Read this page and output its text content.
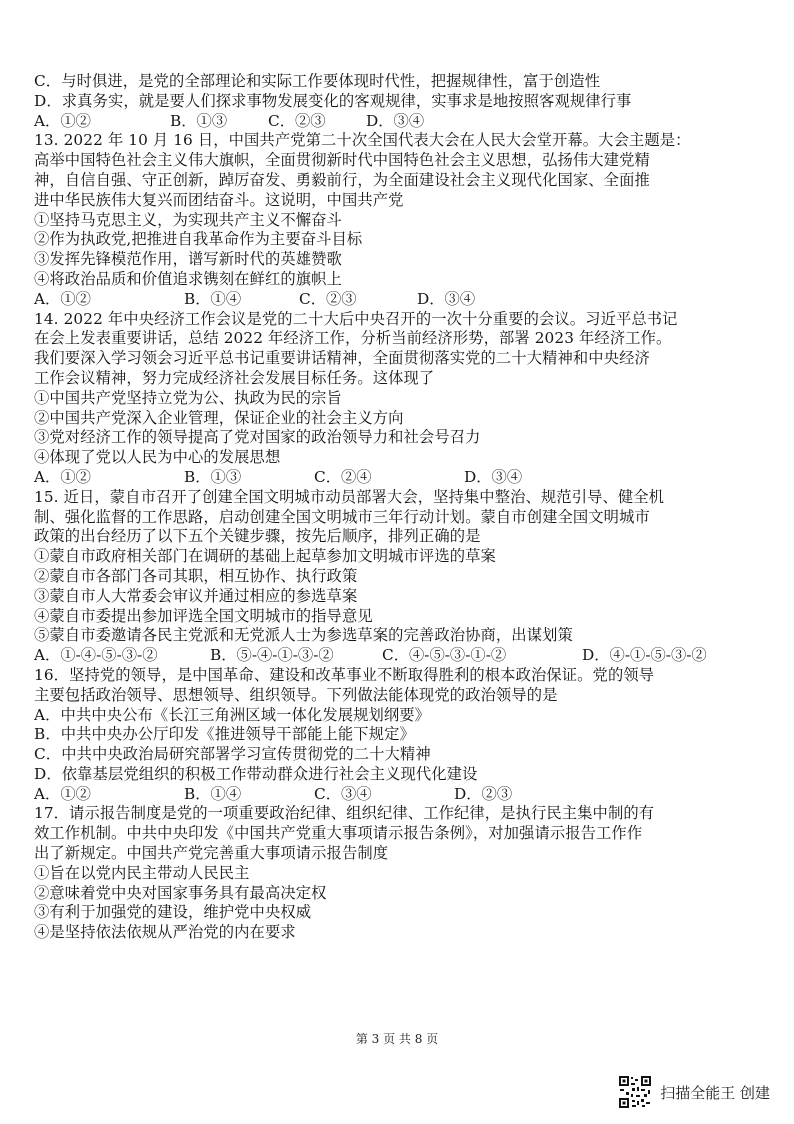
C．与时俱进，是党的全部理论和实际工作要体现时代性，把握规律性，富于创造性
D．求真务实，就是要人们探求事物发展变化的客观规律，实事求是地按照客观规律行事
A．①②	B．①③	C．②③	D．③④
13. 2022 年 10 月 16 日，中国共产党第二十次全国代表大会在人民大会堂开幕。大会主题是：
高举中国特色社会主义伟大旗帜，全面贯彻新时代中国特色社会主义思想，弘扬伟大建党精
神，自信自强、守正创新，踔厉奋发、勇毅前行，为全面建设社会主义现代化国家、全面推
进中华民族伟大复兴而团结奋斗。这说明，中国共产党
①坚持马克思主义，为实现共产主义不懈奋斗
②作为执政党,把推进自我革命作为主要奋斗目标
③发挥先锋模范作用，谱写新时代的英雄赞歌
④将政治品质和价值追求镌刻在鲜红的旗帜上
A．①②	B．①④	C．②③	D．③④
14. 2022 年中央经济工作会议是党的二十大后中央召开的一次十分重要的会议。习近平总书记
在会上发表重要讲话，总结 2022 年经济工作，分析当前经济形势，部署 2023 年经济工作。
我们要深入学习领会习近平总书记重要讲话精神，全面贯彻落实党的二十大精神和中央经济
工作会议精神，努力完成经济社会发展目标任务。这体现了
①中国共产党坚持立党为公、执政为民的宗旨
②中国共产党深入企业管理，保证企业的社会主义方向
③党对经济工作的领导提高了党对国家的政治领导力和社会号召力
④体现了党以人民为中心的发展思想
A．①②	B．①③	C．②④	D．③④
15. 近日，蒙自市召开了创建全国文明城市动员部署大会，坚持集中整治、规范引导、健全机
制、强化监督的工作思路，启动创建全国文明城市三年行动计划。蒙自市创建全国文明城市
政策的出台经历了以下五个关键步骤，按先后顺序，排列正确的是
①蒙自市政府相关部门在调研的基础上起草参加文明城市评选的草案
②蒙自市各部门各司其职，相互协作、执行政策
③蒙自市人大常委会审议并通过相应的参选草案
④蒙自市委提出参加评选全国文明城市的指导意见
⑤蒙自市委邀请各民主党派和无党派人士为参选草案的完善政治协商，出谋划策
A．①-④-⑤-③-②	B．⑤-④-①-③-②	C．④-⑤-③-①-②	D．④-①-⑤-③-②
16．坚持党的领导，是中国革命、建设和改革事业不断取得胜利的根本政治保证。党的领导
主要包括政治领导、思想领导、组织领导。下列做法能体现党的政治领导的是
A．中共中央公布《长江三角洲区域一体化发展规划纲要》
B．中共中央办公厅印发《推进领导干部能上能下规定》
C．中共中央政治局研究部署学习宣传贯彻党的二十大精神
D．依靠基层党组织的积极工作带动群众进行社会主义现代化建设
A．①②	B．①④	C．③④	D．②③
17．请示报告制度是党的一项重要政治纪律、组织纪律、工作纪律，是执行民主集中制的有
效工作机制。中共中央印发《中国共产党重大事项请示报告条例》，对加强请示报告工作作
出了新规定。中国共产党完善重大事项请示报告制度
①旨在以党内民主带动人民民主
②意味着党中央对国家事务具有最高决定权
③有利于加强党的建设，维护党中央权威
④是坚持依法依规从严治党的内在要求
第 3 页 共 8 页
扫描全能王 创建
